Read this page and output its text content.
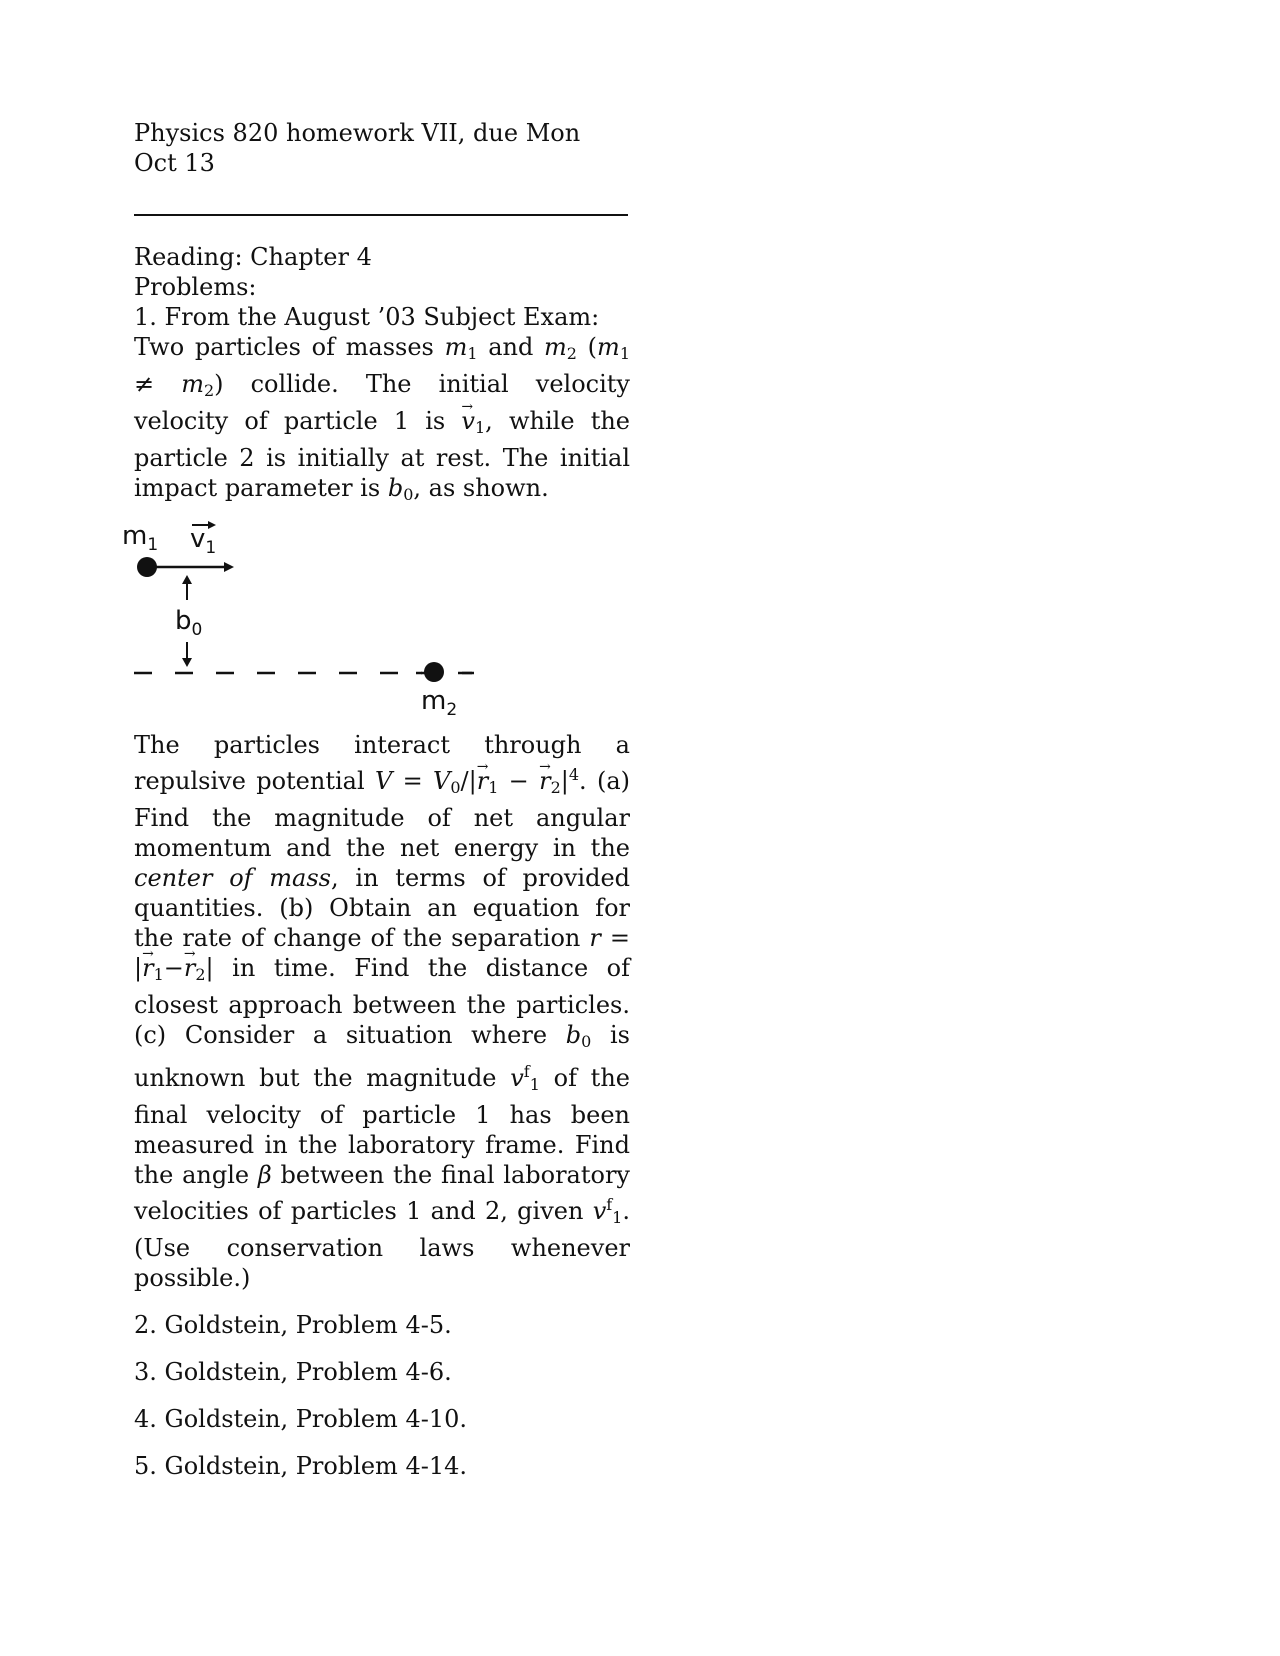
Physics 820 homework VII, due Mon Oct 13

Reading: Chapter 4

Problems:

1. From the August ’03 Subject Exam:

Two particles of masses $m_1$ and $m_2$ $(m_1 \ne m_2)$ collide. The initial velocity velocity of particle 1 is → $v_1$, while the particle 2 is initially at rest. The initial impact parameter is $b_0$, as shown.

$m_1$ $v_1$
$b_0$
$m_2$

The particles interact through a repulsive potential $V = V_0/|\to r_1$ − → $r_2|^4$. (a) Find the magnitude of net angular momentum and the net energy in the center of mass, in terms of provided quantities. (b) Obtain an equation for the rate of change of the separation r = |→ $r_1-\to r_2|$ in time. Find the distance of closest approach between the particles. (c) Consider a situation where $b_0$ is unknown but the magnitude $v^f_1$ of the final velocity of particle 1 has been measured in the laboratory frame. Find the angle β between the final laboratory velocities of particles 1 and 2, given $v^f_1$. (Use conservation laws whenever possible.)

2. Goldstein, Problem 4-5.

3. Goldstein, Problem 4-6.

4. Goldstein, Problem 4-10.

5. Goldstein, Problem 4-14.
